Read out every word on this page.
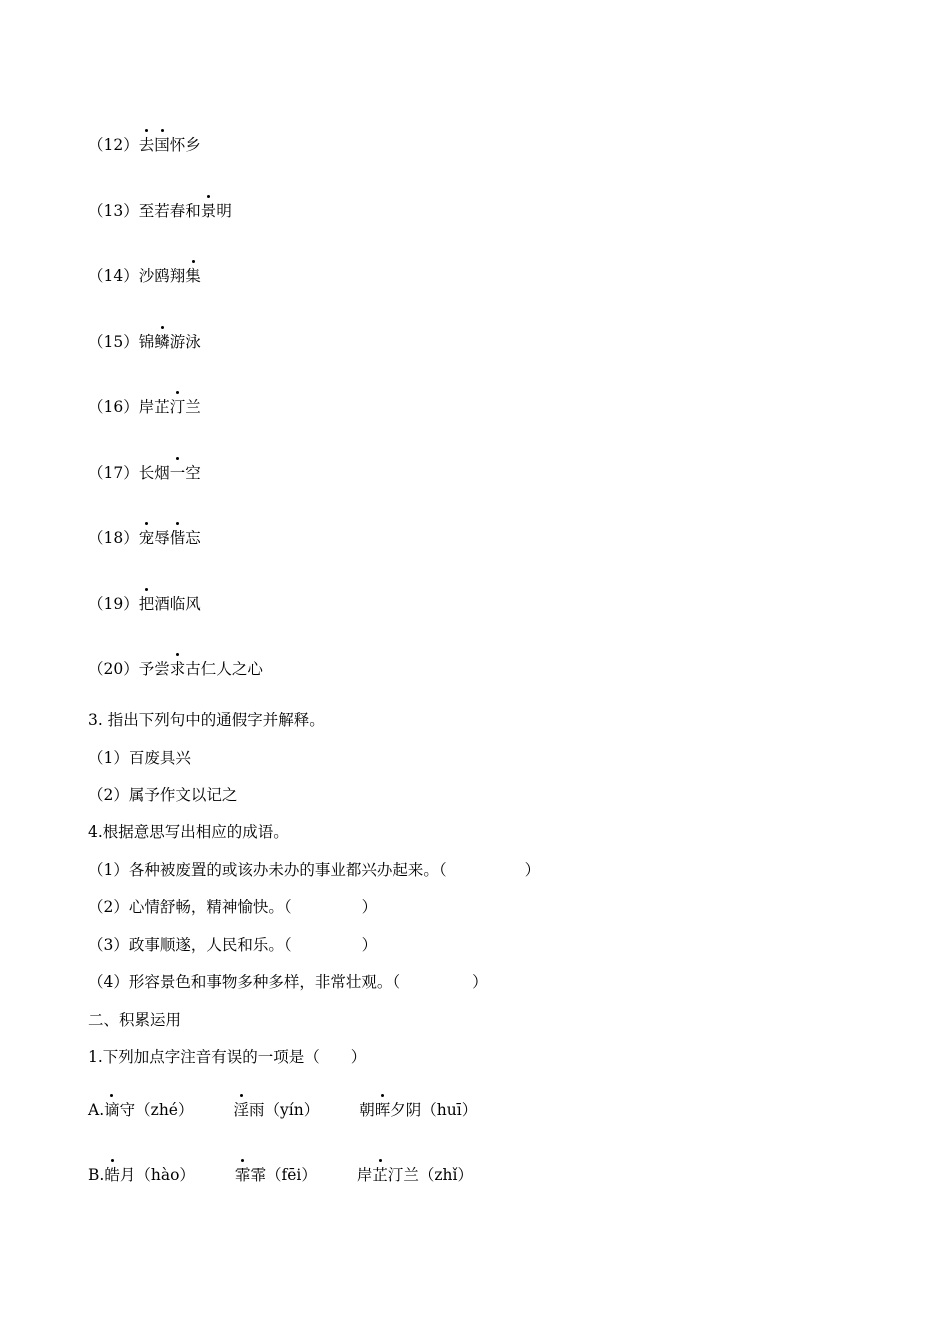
（12）去国怀乡
（13）至若春和景明
（14）沙鸥翔集
（15）锦鳞游泳
（16）岸芷汀兰
（17）长烟一空
（18）宠辱偕忘
（19）把酒临风
（20）予尝求古仁人之心
3. 指出下列句中的通假字并解释。
（1）百废具兴
（2）属予作文以记之
4.根据意思写出相应的成语。
（1）各种被废置的或该办未办的事业都兴办起来。（	）
（2）心情舒畅，精神愉快。（	）
（3）政事顺遂，人民和乐。（	）
（4）形容景色和事物多种多样，非常壮观。（	）
二、积累运用
1.下列加点字注音有误的一项是（　　）
A.谪守（zhé）	淫雨（yín）	朝晖夕阴（huī）
B.皓月（hào）	霏霏（fēi）	岸芷汀兰（zhǐ）
